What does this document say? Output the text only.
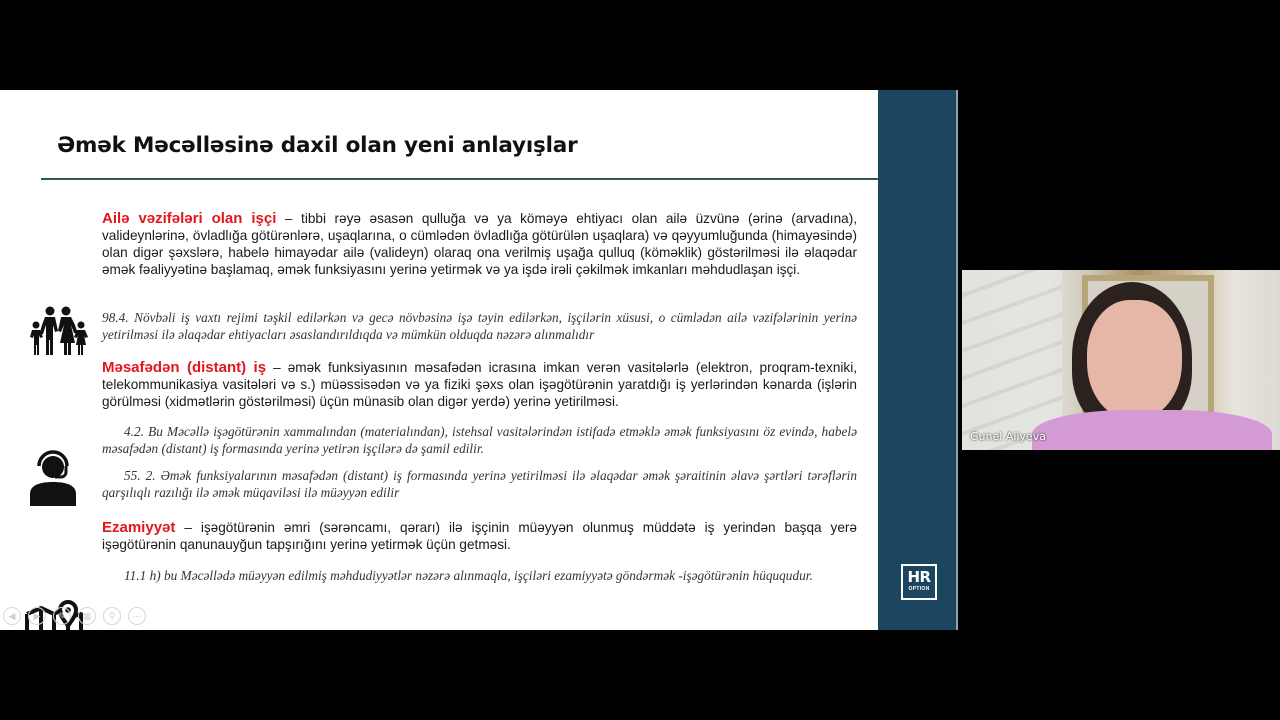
Əmək Məcəlləsinə daxil olan yeni anlayışlar
Ailə vəzifələri olan işçi – tibbi rəyə əsasən qulluğa və ya köməyə ehtiyacı olan ailə üzvünə (ərinə (arvadına), valideynlərinə, övladlığa götürənlərə, uşaqlarına, o cümlədən övladlığa götürülən uşaqlara) və qəyyumluğunda (himayəsində) olan digər şəxslərə, habelə himayədar ailə (valideyn) olaraq ona verilmiş uşağa qulluq (köməklik) göstərilməsi ilə əlaqədar əmək fəaliyyətinə başlamaq, əmək funksiyasını yerinə yetirmək və ya işdə irəli çəkilmək imkanları məhdudlaşan işçi.
98.4. Növbəli iş vaxtı rejimi təşkil edilərkən və gecə növbəsinə işə təyin edilərkən, işçilərin xüsusi, o cümlədən ailə vəzifələrinin yerinə yetirilməsi ilə əlaqədar ehtiyacları əsaslandırıldıqda və mümkün olduqda nəzərə alınmalıdır
Məsafədən (distant) iş – əmək funksiyasının məsafədən icrasına imkan verən vasitələrlə (elektron, proqram-texniki, telekommunikasiya vasitələri və s.) müəssisədən və ya fiziki şəxs olan işəgötürənin yaratdığı iş yerlərindən kənarda (işlərin görülməsi (xidmətlərin göstərilməsi) üçün münasib olan digər yerdə) yerinə yetirilməsi.
4.2. Bu Məcəllə işəgötürənin xammalından (materialından), istehsal vasitələrindən istifadə etməklə əmək funksiyasını öz evində, habelə məsafədən (distant) iş formasında yerinə yetirən işçilərə də şamil edilir.
55. 2. Əmək funksiyalarının məsafədən (distant) iş formasında yerinə yetirilməsi ilə əlaqədar əmək şəraitinin əlavə şərtləri tərəflərin qarşılıqlı razılığı ilə əmək müqaviləsi ilə müəyyən edilir
Ezamiyyət – işəgötürənin əmri (sərəncamı, qərarı) ilə işçinin müəyyən olunmuş müddətə iş yerindən başqa yerə işəgötürənin qanunauyğun tapşırığını yerinə yetirmək üçün getməsi.
11.1 h) bu Məcəllədə müəyyən edilmiş məhdudiyyətlər nəzərə alınmaqla, işçiləri ezamiyyətə göndərmək -işəgötürənin hüququdur.
◀ ▶ ✎ ▦ ⚲ ⋯
HR
OPTION
Gunel Aliyeva
